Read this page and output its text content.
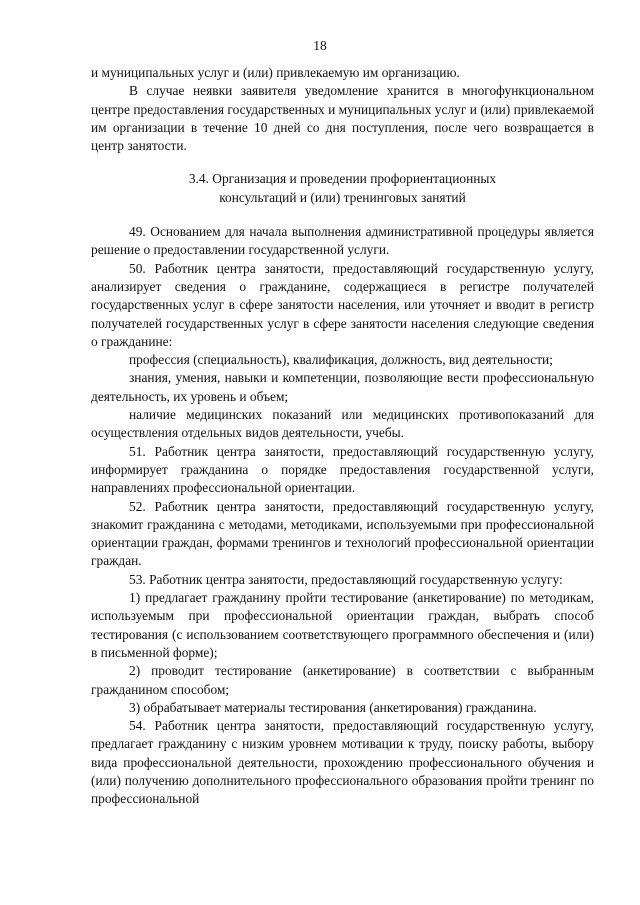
18

и муниципальных услуг и (или) привлекаемую им организацию.

В случае неявки заявителя уведомление хранится в многофункциональном центре предоставления государственных и муниципальных услуг и (или) привлекаемой им организации в течение 10 дней со дня поступления, после чего возвращается в центр занятости.

3.4. Организация и проведении профориентационных
консультаций и (или) тренинговых занятий

49. Основанием для начала выполнения административной процедуры является решение о предоставлении государственной услуги.

50. Работник центра занятости, предоставляющий государственную услугу, анализирует сведения о гражданине, содержащиеся в регистре получателей государственных услуг в сфере занятости населения, или уточняет и вводит в регистр получателей государственных услуг в сфере занятости населения следующие сведения о гражданине:

профессия (специальность), квалификация, должность, вид деятельности;

знания, умения, навыки и компетенции, позволяющие вести профессиональную деятельность, их уровень и объем;

наличие медицинских показаний или медицинских противопоказаний для осуществления отдельных видов деятельности, учебы.

51. Работник центра занятости, предоставляющий государственную услугу, информирует гражданина о порядке предоставления государственной услуги, направлениях профессиональной ориентации.

52. Работник центра занятости, предоставляющий государственную услугу, знакомит гражданина с методами, методиками, используемыми при профессиональной ориентации граждан, формами тренингов и технологий профессиональной ориентации граждан.

53. Работник центра занятости, предоставляющий государственную услугу:

1) предлагает гражданину пройти тестирование (анкетирование) по методикам, используемым при профессиональной ориентации граждан, выбрать способ тестирования (с использованием соответствующего программного обеспечения и (или) в письменной форме);

2) проводит тестирование (анкетирование) в соответствии с выбранным гражданином способом;

3) обрабатывает материалы тестирования (анкетирования) гражданина.

54. Работник центра занятости, предоставляющий государственную услугу, предлагает гражданину с низким уровнем мотивации к труду, поиску работы, выбору вида профессиональной деятельности, прохождению профессионального обучения и (или) получению дополнительного профессионального образования пройти тренинг по профессиональной
